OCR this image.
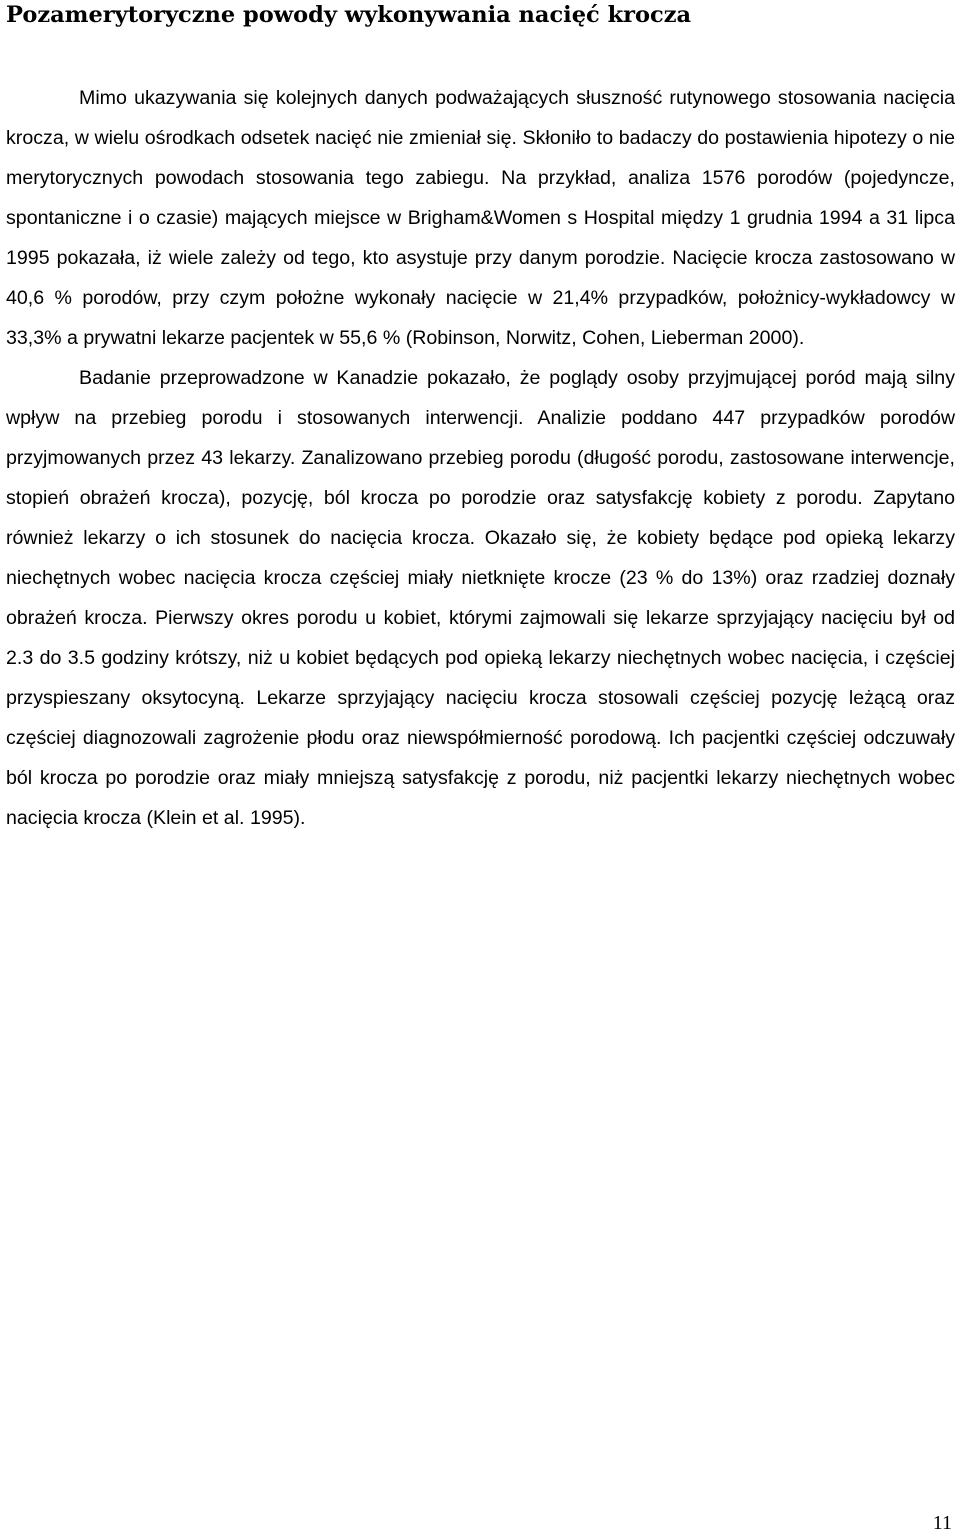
Pozamerytoryczne powody wykonywania nacięć krocza

Mimo ukazywania się kolejnych danych podważających słuszność rutynowego stosowania nacięcia krocza, w wielu ośrodkach odsetek nacięć nie zmieniał się. Skłoniło to badaczy do postawienia hipotezy o nie merytorycznych powodach stosowania tego zabiegu. Na przykład, analiza 1576 porodów (pojedyncze, spontaniczne i o czasie) mających miejsce w Brigham&Women s Hospital między 1 grudnia 1994 a 31 lipca 1995 pokazała, iż wiele zależy od tego, kto asystuje przy danym porodzie. Nacięcie krocza zastosowano w 40,6 % porodów, przy czym położne wykonały nacięcie w 21,4% przypadków, położnicy-wykładowcy w 33,3% a prywatni lekarze pacjentek w 55,6 % (Robinson, Norwitz, Cohen, Lieberman 2000).

Badanie przeprowadzone w Kanadzie pokazało, że poglądy osoby przyjmującej poród mają silny wpływ na przebieg porodu i stosowanych interwencji. Analizie poddano 447 przypadków porodów przyjmowanych przez 43 lekarzy. Zanalizowano przebieg porodu (długość porodu, zastosowane interwencje, stopień obrażeń krocza), pozycję, ból krocza po porodzie oraz satysfakcję kobiety z porodu. Zapytano również lekarzy o ich stosunek do nacięcia krocza. Okazało się, że kobiety będące pod opieką lekarzy niechętnych wobec nacięcia krocza częściej miały nietknięte krocze (23 % do 13%) oraz rzadziej doznały obrażeń krocza. Pierwszy okres porodu u kobiet, którymi zajmowali się lekarze sprzyjający nacięciu był od 2.3 do 3.5 godziny krótszy, niż u kobiet będących pod opieką lekarzy niechętnych wobec nacięcia, i częściej przyspieszany oksytocyną. Lekarze sprzyjający nacięciu krocza stosowali częściej pozycję leżącą oraz częściej diagnozowali zagrożenie płodu oraz niewspółmierność porodową. Ich pacjentki częściej odczuwały ból krocza po porodzie oraz miały mniejszą satysfakcję z porodu, niż pacjentki lekarzy niechętnych wobec nacięcia krocza (Klein et al. 1995).

11
